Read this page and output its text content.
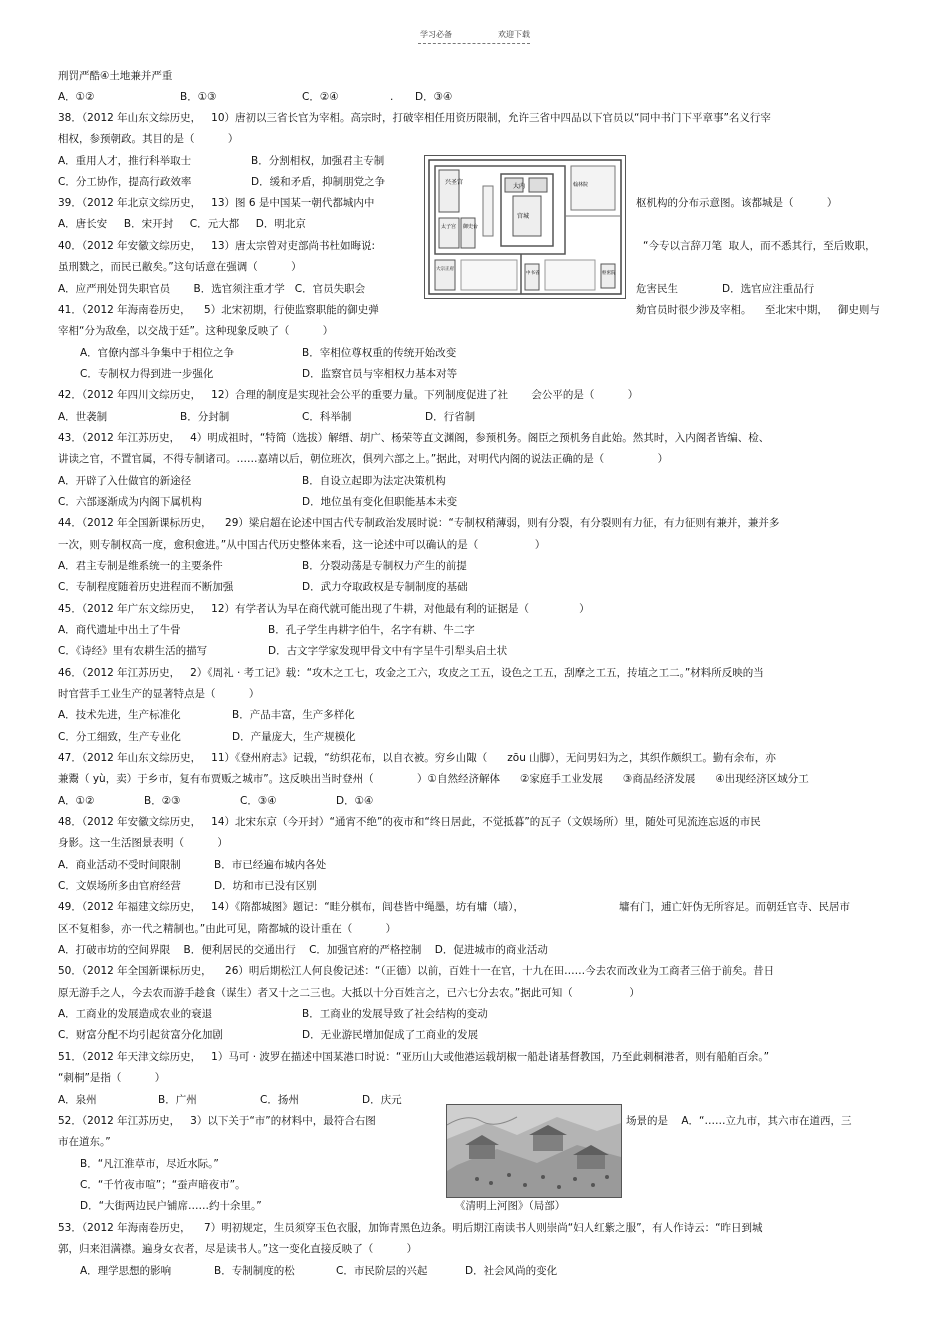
学习必备	欢迎下载
刑罚严酷④土地兼并严重
A．①②	B．①③	C．②④	. D．③④
38．（2012 年山东文综历史，   10）唐初以三省长官为宰相。高宗时，打破宰相任用资历限制，允许三省中四品以下官员以“同中书门下平章事”名义行宰
相权，参预朝政。其目的是（          ）
A．重用人才，推行科举取士	B．分割相权，加强君主专制
C．分工协作，提高行政效率	D．缓和矛盾，抑制朋党之争
39．（2012 年北京文综历史，   13）图 6 是中国某一朝代都城内中	枢机构的分布示意图。该都城是（          ）
A．唐长安     B．宋开封     C．元大都     D．明北京
40．（2012 年安徽文综历史，   13）唐太宗曾对吏部尚书杜如晦说:	“今专以言辞刀笔  取人，而不悉其行，至后败职，
虽刑戮之，而民已敝矣。”这句话意在强调（          ）
A．应严刑处罚失职官员       B．选官须注重才学   C．官员失职会	危害民生	D．选官应注重品行
41．（2012 年海南卷历史，    5）北宋初期，行使监察职能的御史弹	劾官员时很少涉及宰相。    至北宋中期，   御史则与
宰相“分为敌垒，以交战于廷”。这种现象反映了（          ）
A．官僚内部斗争集中于相位之争	B．宰相位尊权重的传统开始改变
C．专制权力得到进一步强化	D．监察官员与宰相权力基本对等
42．（2012 年四川文综历史，   12）合理的制度是实现社会公平的重要力量。下列制度促进了社       会公平的是（          ）
A．世袭制	B．分封制	C．科举制	D．行省制
43．（2012 年江苏历史，   4）明成祖时，“特简（选拔）解缙、胡广、杨荣等直文渊阁，参预机务。阁臣之预机务自此始。然其时，入内阁者皆编、检、
讲读之官，不置官属，不得专制诸司。……嘉靖以后，朝位班次，俱列六部之上。”据此，对明代内阁的说法正确的是（                ）
A．开辟了入仕做官的新途径	B．自设立起即为法定决策机构
C．六部逐渐成为内阁下属机构	D．地位虽有变化但职能基本未变
44．（2012 年全国新课标历史，    29）梁启超在论述中国古代专制政治发展时说：“专制权稍薄弱，则有分裂，有分裂则有力征，有力征则有兼并，兼并多
一次，则专制权高一度，愈积愈进。”从中国古代历史整体来看，这一论述中可以确认的是（                 ）
A．君主专制是维系统一的主要条件	B．分裂动荡是专制权力产生的前提
C．专制程度随着历史进程而不断加强	D．武力夺取政权是专制制度的基础
45．（2012 年广东文综历史，   12）有学者认为早在商代就可能出现了牛耕，对他最有利的证据是（               ）
A．商代遗址中出土了牛骨	B．孔子学生冉耕字伯牛，名字有耕、牛二字
C．《诗经》里有农耕生活的描写	D．古文字学家发现甲骨文中有字呈牛引犁头启土状
46．（2012 年江苏历史，   2）《周礼 · 考工记》载：“攻木之工七，攻金之工六，攻皮之工五，设色之工五，刮摩之工五，抟埴之工二。”材料所反映的当
时官营手工业生产的显著特点是（          ）
A．技术先进，生产标准化	B．产品丰富，生产多样化
C．分工细致，生产专业化	D．产量庞大，生产规模化
47．（2012 年山东文综历史，   11）《登州府志》记载，“纺织花布，以自衣被。穷乡山陬（      zōu 山脚），无问男妇为之，其织作颇织工。勤有余布，亦
兼鬻（ yù，卖）于乡市，复有布贾贩之城市”。这反映出当时登州（             ）①自然经济解体      ②家庭手工业发展      ③商品经济发展      ④出现经济区域分工
A．①②	B．②③	C．③④	D．①④
48．（2012 年安徽文综历史，   14）北宋东京（今开封）“通宵不绝”的夜市和“终日居此，不觉抵暮”的瓦子（文娱场所）里，随处可见流连忘返的市民
身影。这一生活图景表明（          ）
A．商业活动不受时间限制	B．市已经遍布城内各处
C．文娱场所多由官府经营	D．坊和市已没有区别
49．（2012 年福建文综历史，   14）《隋都城图》题记：“畦分棋布，闾巷皆中绳墨，坊有墉（墙），	墉有门，逋亡奸伪无所容足。而朝廷官寺、民居市
区不复相参，亦一代之精制也。”由此可见，隋都城的设计重在（          ）
A．打破市坊的空间界限    B．便利居民的交通出行    C．加强官府的严格控制    D．促进城市的商业活动
50．（2012 年全国新课标历史，    26）明后期松江人何良俊记述：“（正德）以前，百姓十一在官，十九在田……今去农而改业为工商者三倍于前矣。昔日
原无游手之人，今去农而游手趁食（谋生）者又十之二三也。大抵以十分百姓言之，已六七分去农。”据此可知（                 ）
A．工商业的发展造成农业的衰退	B．工商业的发展导致了社会结构的变动
C．财富分配不均引起贫富分化加剧	D．无业游民增加促成了工商业的发展
51．（2012 年天津文综历史，   1）马可 · 波罗在描述中国某港口时说：“亚历山大或他港运载胡椒一船赴诸基督教国，乃至此刺桐港者，则有船舶百余。”
“刺桐”是指（          ）
A．泉州	B．广州	C．扬州	D．庆元
52．（2012 年江苏历史，   3）以下关于“市”的材料中，最符合右图	场景的是    A．“……立九市，其六市在道西，三
市在道东。”
B．“凡江淮草市，尽近水际。”
C．“千竹夜市喧”；“蚕声暗夜市”。
D．“大街两边民户铺席……约十余里。”	《清明上河图》（局部）
53．（2012 年海南卷历史，    7）明初规定，生员须穿玉色衣服，加饰青黑色边条。明后期江南读书人则崇尚“妇人红紫之服”，有人作诗云：“昨日到城
郭，归来泪满襟。遍身女衣者，尽是读书人。”这一变化直接反映了（          ）
A．理学思想的影响	B．专制制度的松	C．市民阶层的兴起	D．社会风尚的变化
兴圣宫
太子宫 御史台
中书省
大宗正府
枢密院
翰林院
大内
宫城
